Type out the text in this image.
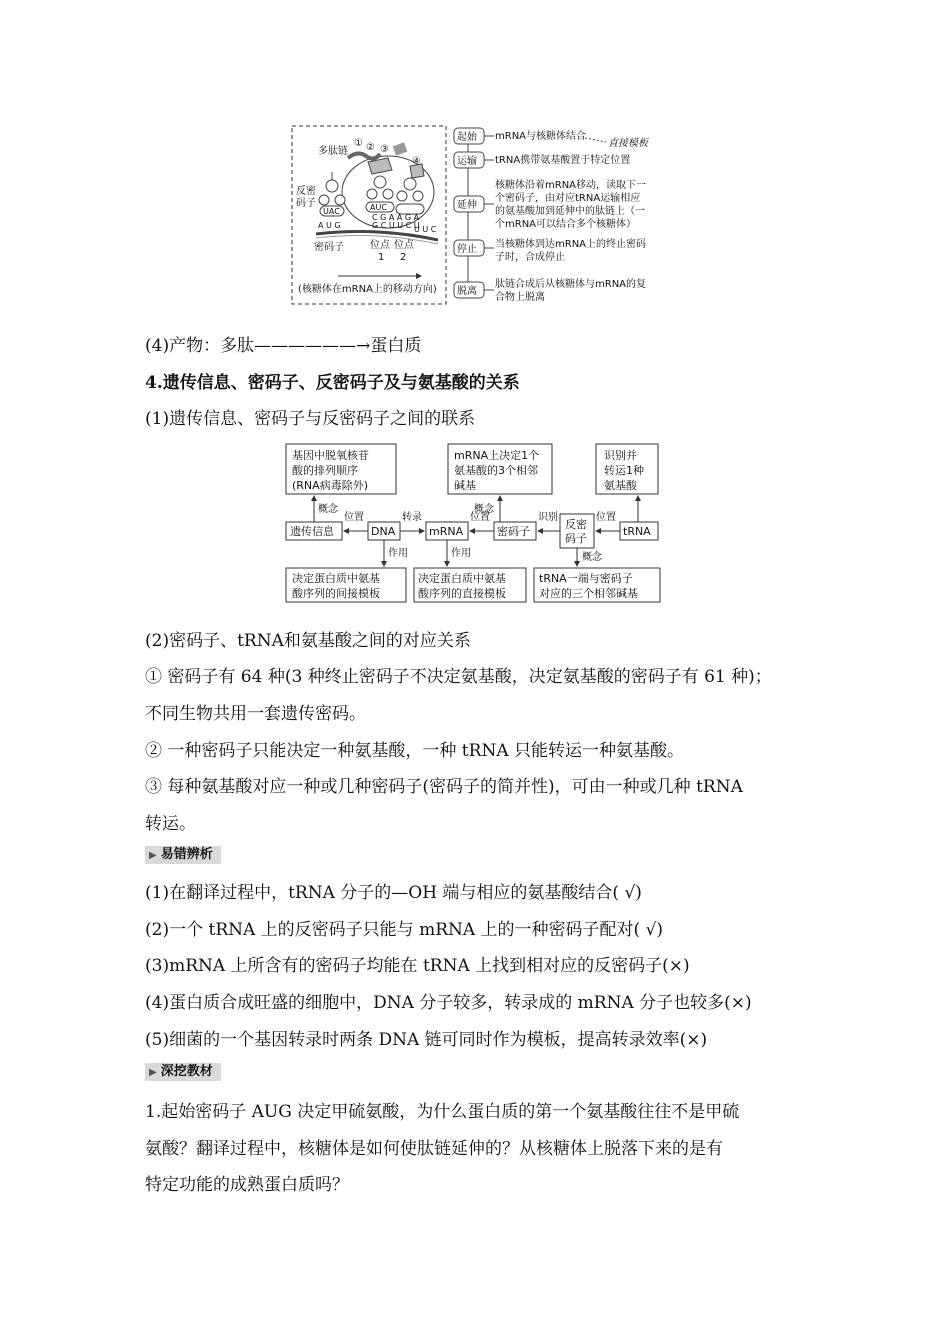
多肽链
① ② ③
④
反密
码子
UAC	AUC
A U G
C G A A G A
G C U U C U
U U C
密码子	位点
1
位点
2
(核糖体在mRNA上的移动方向)
起始 mRNA与核糖体结合
直接模板
运输 tRNA携带氨基酸置于特定位置
延伸
核糖体沿着mRNA移动，读取下一
个密码子，由对应tRNA运输相应
的氨基酸加到延伸中的肽链上（一
个mRNA可以结合多个核糖体）
停止 当核糖体到达mRNA上的终止密码
子时，合成停止
脱离
肽链合成后从核糖体与mRNA的复
合物上脱离
(4)产物：多肽——————→蛋白质
4.遗传信息、密码子、反密码子及与氨基酸的关系
(1)遗传信息、密码子与反密码子之间的联系
基因中脱氧核苷
酸的排列顺序
(RNA病毒除外)
mRNA上决定1个
氨基酸的3个相邻
碱基
识别并
转运1种
氨基酸
遗传信息	DNA	mRNA	密码子
反密
码子
tRNA
概念
位置	转录	位置
概念
识别	位置
作用	作用	概念
决定蛋白质中氨基
酸序列的间接模板
决定蛋白质中氨基
酸序列的直接模板
tRNA一端与密码子
对应的三个相邻碱基
(2)密码子、tRNA和氨基酸之间的对应关系
① 密码子有 64 种(3 种终止密码子不决定氨基酸，决定氨基酸的密码子有 61 种)；
不同生物共用一套遗传密码。
② 一种密码子只能决定一种氨基酸，一种 tRNA 只能转运一种氨基酸。
③ 每种氨基酸对应一种或几种密码子(密码子的简并性)，可由一种或几种 tRNA
转运。
▶ 易错辨析
(1)在翻译过程中，tRNA 分子的—OH 端与相应的氨基酸结合( √)
(2)一个 tRNA 上的反密码子只能与 mRNA 上的一种密码子配对( √)
(3)mRNA 上所含有的密码子均能在 tRNA 上找到相对应的反密码子(×)
(4)蛋白质合成旺盛的细胞中，DNA 分子较多，转录成的 mRNA 分子也较多(×)
(5)细菌的一个基因转录时两条 DNA 链可同时作为模板，提高转录效率(×)
▶ 深挖教材
1.起始密码子 AUG 决定甲硫氨酸，为什么蛋白质的第一个氨基酸往往不是甲硫
氨酸？翻译过程中，核糖体是如何使肽链延伸的？从核糖体上脱落下来的是有
特定功能的成熟蛋白质吗？
